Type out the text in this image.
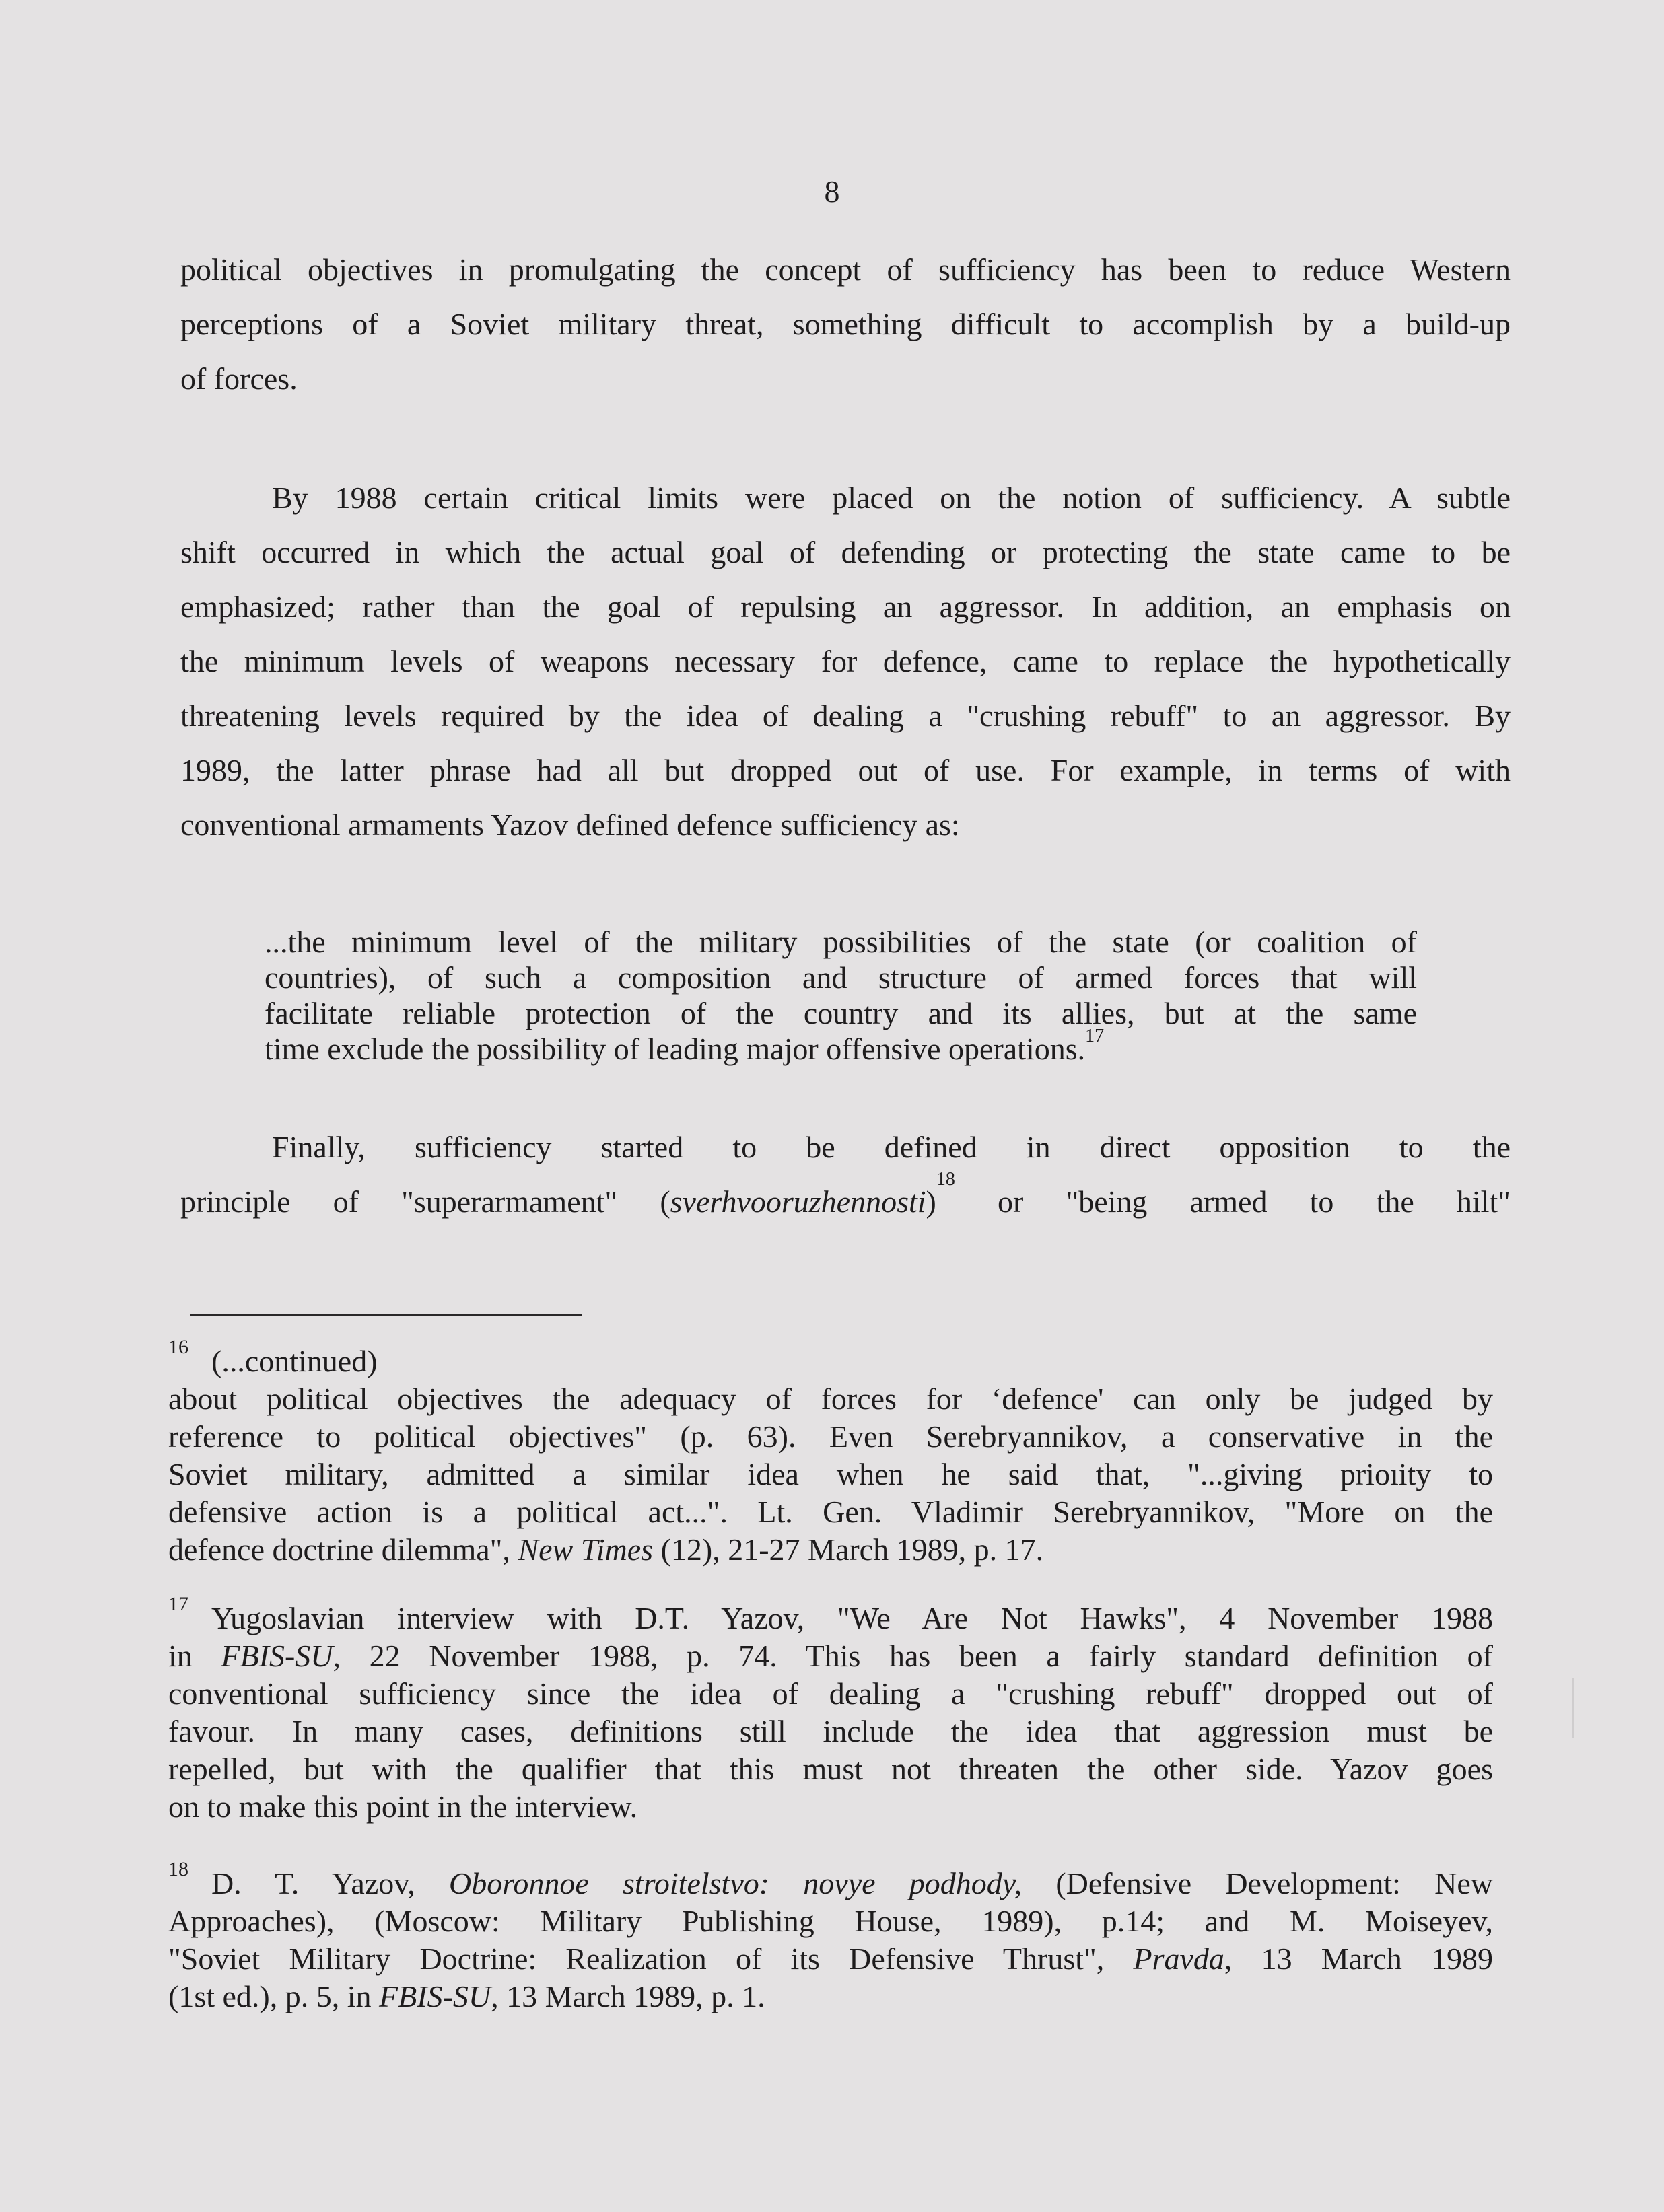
8
political objectives in promulgating the concept of sufficiency has been to reduce Western
perceptions of a Soviet military threat, something difficult to accomplish by a build-up
of forces.
By 1988 certain critical limits were placed on the notion of sufficiency. A subtle
shift occurred in which the actual goal of defending or protecting the state came to be
emphasized; rather than the goal of repulsing an aggressor. In addition, an emphasis on
the minimum levels of weapons necessary for defence, came to replace the hypothetically
threatening levels required by the idea of dealing a "crushing rebuff" to an aggressor. By
1989, the latter phrase had all but dropped out of use. For example, in terms of with
conventional armaments Yazov defined defence sufficiency as:
...the minimum level of the military possibilities of the state (or coalition of
countries), of such a composition and structure of armed forces that will
facilitate reliable protection of the country and its allies, but at the same
time exclude the possibility of leading major offensive operations.$^{17}$
Finally, sufficiency started to be defined in direct opposition to the
principle of "superarmament" (sverhvooruzhennosti)$^{18}$ or "being armed to the hilt"
$^{16}$ (...continued)
about political objectives the adequacy of forces for ‘defence' can only be judged by
reference to political objectives" (p. 63). Even Serebryannikov, a conservative in the
Soviet military, admitted a similar idea when he said that, "...giving prioıity to
defensive action is a political act...". Lt. Gen. Vladimir Serebryannikov, "More on the
defence doctrine dilemma", New Times (12), 21-27 March 1989, p. 17.
$^{17}$ Yugoslavian interview with D.T. Yazov, "We Are Not Hawks", 4 November 1988
in FBIS-SU, 22 November 1988, p. 74. This has been a fairly standard definition of
conventional sufficiency since the idea of dealing a "crushing rebuff" dropped out of
favour. In many cases, definitions still include the idea that aggression must be
repelled, but with the qualifier that this must not threaten the other side. Yazov goes
on to make this point in the interview.
$^{18}$ D. T. Yazov, Oboronnoe stroitelstvo: novye podhody, (Defensive Development: New
Approaches), (Moscow: Military Publishing House, 1989), p.14; and M. Moiseyev,
"Soviet Military Doctrine: Realization of its Defensive Thrust", Pravda, 13 March 1989
(1st ed.), p. 5, in FBIS-SU, 13 March 1989, p. 1.
